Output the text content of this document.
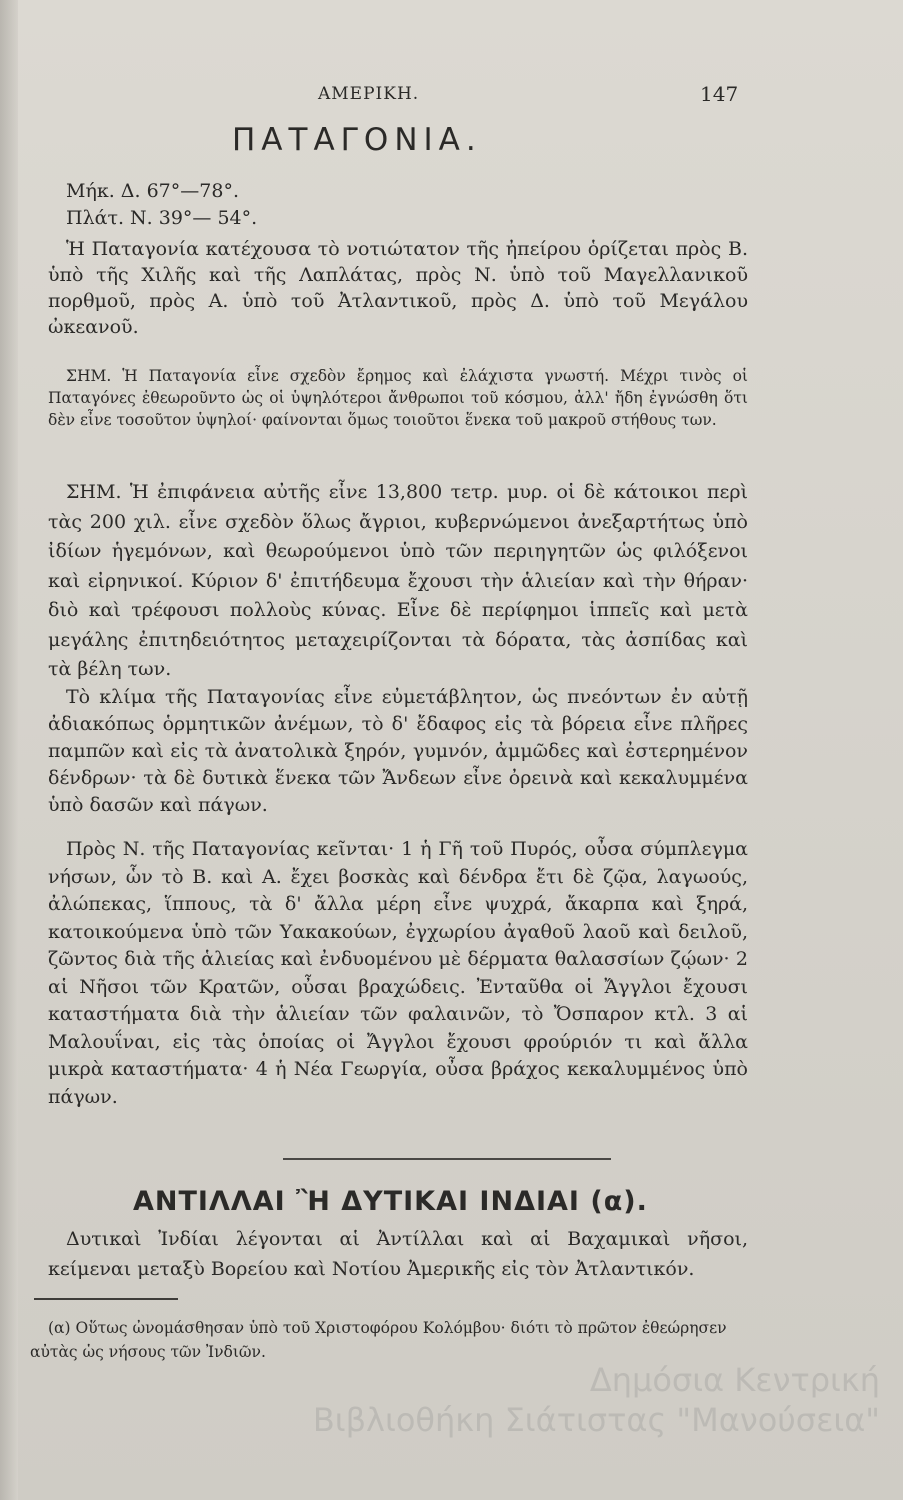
ΑΜΕΡΙΚΗ.	147
ΠΑΤΑΓΟΝΙΑ.
Μήκ. Δ. 67°—78°.
Πλάτ. Ν. 39°— 54°.

Ἡ Παταγονία κατέχουσα τὸ νοτιώτατον τῆς ἠπείρου ὁρίζεται πρὸς Β. ὑπὸ τῆς Χιλῆς καὶ τῆς Λαπλάτας, πρὸς Ν. ὑπὸ τοῦ Μαγελλανικοῦ πορθμοῦ, πρὸς Α. ὑπὸ τοῦ Ἀτλαντικοῦ, πρὸς Δ. ὑπὸ τοῦ Μεγάλου ὠκεανοῦ.

ΣΗΜ. Ἡ Παταγονία εἶνε σχεδὸν ἔρημος καὶ ἐλάχιστα γνωστή. Μέχρι τινὸς οἱ Παταγόνες ἐθεωροῦντο ὡς οἱ ὑψηλότεροι ἄνθρωποι τοῦ κόσμου, ἀλλ' ἤδη ἐγνώσθη ὅτι δὲν εἶνε τοσοῦτον ὑψηλοί· φαίνονται ὅμως τοιοῦτοι ἕνεκα τοῦ μακροῦ στήθους των.

ΣΗΜ. Ἡ ἐπιφάνεια αὐτῆς εἶνε 13,800 τετρ. μυρ. οἱ δὲ κάτοικοι περὶ τὰς 200 χιλ. εἶνε σχεδὸν ὅλως ἄγριοι, κυβερνώμενοι ἀνεξαρτήτως ὑπὸ ἰδίων ἡγεμόνων, καὶ θεωρούμενοι ὑπὸ τῶν περιηγητῶν ὡς φιλόξενοι καὶ εἰρηνικοί. Κύριον δ' ἐπιτήδευμα ἔχουσι τὴν ἁλιείαν καὶ τὴν θήραν· διὸ καὶ τρέφουσι πολλοὺς κύνας. Εἶνε δὲ περίφημοι ἱππεῖς καὶ μετὰ μεγάλης ἐπιτηδειότητος μεταχειρίζονται τὰ δόρατα, τὰς ἀσπίδας καὶ τὰ βέλη των.

Τὸ κλίμα τῆς Παταγονίας εἶνε εὐμετάβλητον, ὡς πνεόντων ἐν αὐτῇ ἀδιακόπως ὁρμητικῶν ἀνέμων, τὸ δ' ἔδαφος εἰς τὰ βόρεια εἶνε πλῆρες παμπῶν καὶ εἰς τὰ ἀνατολικὰ ξηρόν, γυμνόν, ἀμμῶδες καὶ ἐστερημένον δένδρων· τὰ δὲ δυτικὰ ἕνεκα τῶν Ἄνδεων εἶνε ὀρεινὰ καὶ κεκαλυμμένα ὑπὸ δασῶν καὶ πάγων.

Πρὸς Ν. τῆς Παταγονίας κεῖνται· 1 ἡ Γῆ τοῦ Πυρός, οὖσα σύμπλεγμα νήσων, ὧν τὸ Β. καὶ Α. ἔχει βοσκὰς καὶ δένδρα ἔτι δὲ ζῷα, λαγωούς, ἀλώπεκας, ἵππους, τὰ δ' ἄλλα μέρη εἶνε ψυχρά, ἄκαρπα καὶ ξηρά, κατοικούμενα ὑπὸ τῶν Υακακούων, ἐγχωρίου ἀγαθοῦ λαοῦ καὶ δειλοῦ, ζῶντος διὰ τῆς ἁλιείας καὶ ἐνδυομένου μὲ δέρματα θαλασσίων ζῴων· 2 αἱ Νῆσοι τῶν Κρατῶν, οὖσαι βραχώδεις. Ἐνταῦθα οἱ Ἄγγλοι ἔχουσι καταστήματα διὰ τὴν ἁλιείαν τῶν φαλαινῶν, τὸ Ὄσπαρον κτλ. 3 αἱ Μαλουΐναι, εἰς τὰς ὁποίας οἱ Ἄγγλοι ἔχουσι φρούριόν τι καὶ ἄλλα μικρὰ καταστήματα· 4 ἡ Νέα Γεωργία, οὖσα βράχος κεκαλυμμένος ὑπὸ πάγων.

ΑΝΤΙΛΛΑΙ Ἢ ΔΥΤΙΚΑΙ ΙΝΔΙΑΙ (α).

Δυτικαὶ Ἰνδίαι λέγονται αἱ Ἀντίλλαι καὶ αἱ Βαχαμικαὶ νῆσοι, κείμεναι μεταξὺ Βορείου καὶ Νοτίου Ἀμερικῆς εἰς τὸν Ἀτλαντικόν.

(α) Οὕτως ὠνομάσθησαν ὑπὸ τοῦ Χριστοφόρου Κολόμβου· διότι τὸ πρῶτον ἐθεώρησεν αὐτὰς ὡς νήσους τῶν Ἰνδιῶν.

Δημόσια Κεντρική
Βιβλιοθήκη Σιάτιστας "Μανούσεια"
